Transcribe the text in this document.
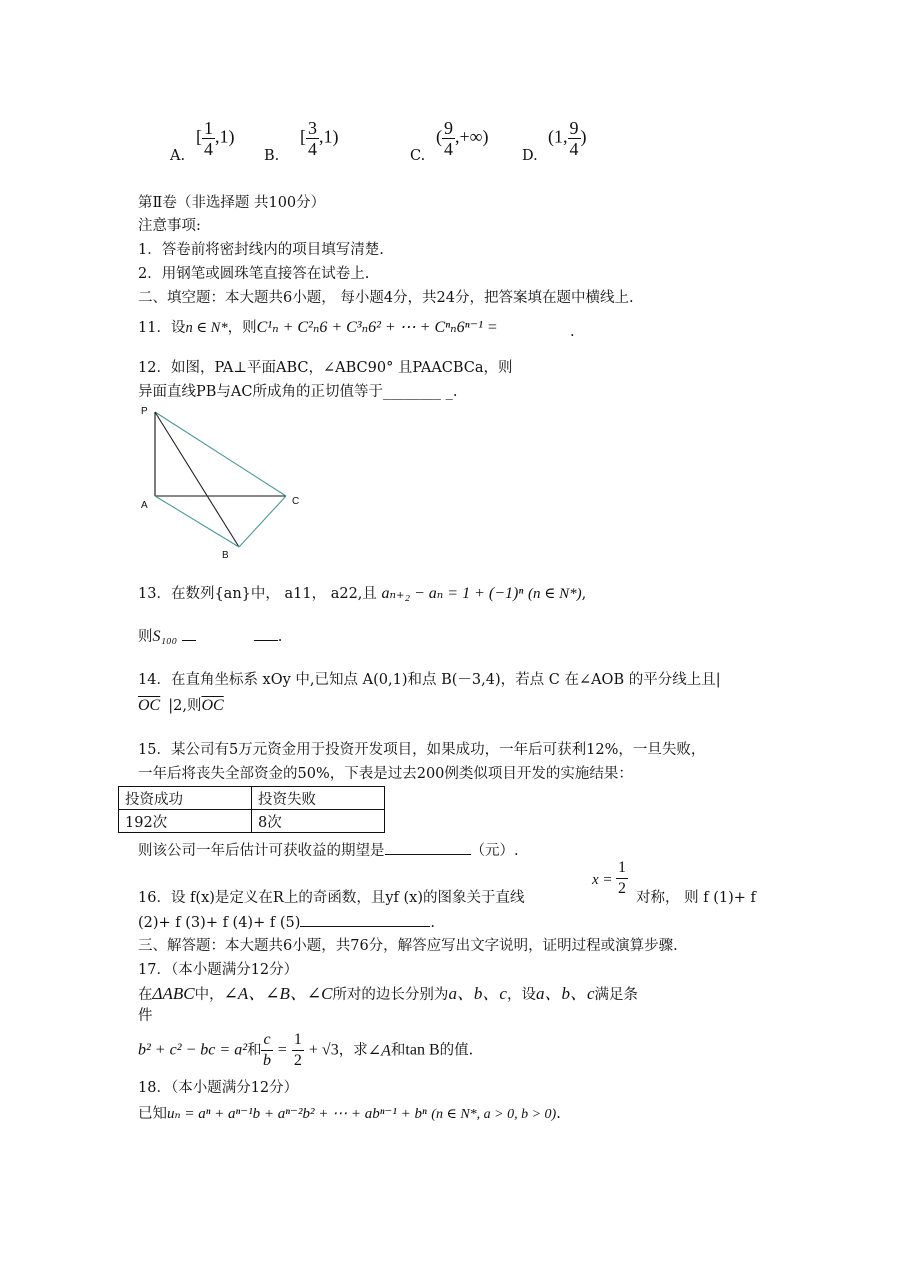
A.
[ $\frac{1}{4} ,1$)
B.
[ $\frac{3}{4} ,1$)
C.
( $\frac{9}{4}$ ,+∞)
D.
(1, $\frac{9}{4}$ )
第Ⅱ卷（非选择题 共100分）
注意事项:
1．答卷前将密封线内的项目填写清楚.
2．用钢笔或圆珠笔直接答在试卷上.
二、填空题：本大题共6小题， 每小题4分，共24分，把答案填在题中横线上.
11．设n ∈ N*，则C¹ₙ + C²ₙ6 + C³ₙ6² + ⋯ + Cⁿₙ6ⁿ⁻¹ =	.
12．如图，PA⊥平面ABC，∠ABC90° 且PAACBCa，则
异面直线PB与AC所成角的正切值等于________ _.
P
A
B
C
13．在数列{an}中， a11， a22,且 aₙ₊₂ − aₙ = 1 + (−1)ⁿ (n ∈ N*),
则S₁₀₀	.
14．在直角坐标系 xOy 中,已知点 A(0,1)和点 B(－3,4)，若点 C 在∠AOB 的平分线上且|
$\overline{OC}$ |2,则$\overline{OC}$
15．某公司有5万元资金用于投资开发项目，如果成功，一年后可获利12%，一旦失败，
一年后将丧失全部资金的50%，下表是过去200例类似项目开发的实施结果：
投资成功	投资失败
192次	8次
则该公司一年后估计可获收益的期望是	（元）.
16．设 f(x)是定义在R上的奇函数，且yf (x)的图象关于直线
$x = \frac{1}{2}$ 对称， 则 f (1)+ f
(2)+ f (3)+ f (4)+ f (5)	.
三、解答题：本大题共6小题，共76分，解答应写出文字说明，证明过程或演算步骤.
17．（本小题满分12分）
在ΔABC中，∠A、∠B、∠C所对的边长分别为a、b、c，设a、b、c满足条
件
b² + c² − bc = a²和 $\frac{c}{b} = \frac{1}{2} + √3$，求∠A和tan B的值.
18．（本小题满分12分）
已知uₙ = aⁿ + aⁿ⁻¹b + aⁿ⁻²b² + ⋯ + abⁿ⁻¹ + bⁿ (n ∈ N*, a > 0, b > 0).
